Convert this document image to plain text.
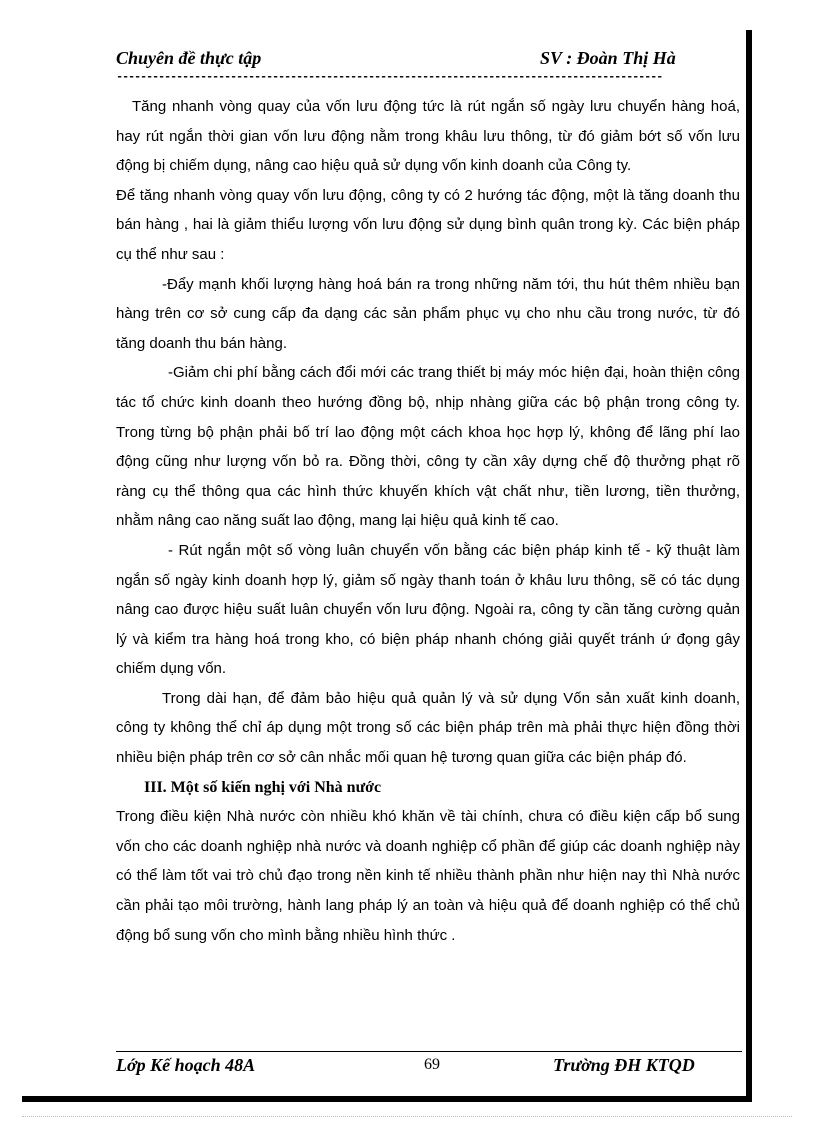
Chuyên đề thực tập	SV : Đoàn Thị Hà
-------------------------------------------------------------------------------------------

Tăng nhanh vòng quay của vốn lưu động tức là rút ngắn số ngày lưu chuyển hàng hoá, hay rút ngắn thời gian vốn lưu động nằm trong khâu lưu thông, từ đó giảm bớt số vốn lưu động bị chiếm dụng, nâng cao hiệu quả sử dụng vốn kinh doanh của Công ty.

Để tăng nhanh vòng quay vốn lưu động, công ty có 2 hướng tác động, một là tăng doanh thu bán hàng , hai là giảm thiểu lượng vốn lưu động sử dụng bình quân trong kỳ. Các biện pháp cụ thể như sau :

-Đẩy mạnh khối lượng hàng hoá bán ra trong những năm tới, thu hút thêm nhiều bạn hàng trên cơ sở cung cấp đa dạng các sản phẩm phục vụ cho nhu cầu trong nước, từ đó tăng doanh thu bán hàng.

-Giảm chi phí bằng cách đổi mới các trang thiết bị máy móc hiện đại, hoàn thiện công tác tổ chức kinh doanh theo hướng đồng bộ, nhịp nhàng giữa các bộ phận trong công ty. Trong từng bộ phận phải bố trí lao động một cách khoa học hợp lý, không để lãng phí lao động cũng như lượng vốn bỏ ra. Đồng thời, công ty cần xây dựng chế độ thưởng phạt rõ ràng cụ thể thông qua các hình thức khuyến khích vật chất như, tiền lương, tiền thưởng, nhằm nâng cao năng suất lao động, mang lại hiệu quả kinh tế cao.

- Rút ngắn một số vòng luân chuyển vốn bằng các biện pháp kinh tế - kỹ thuật làm ngắn số ngày kinh doanh hợp lý, giảm số ngày thanh toán ở khâu lưu thông, sẽ có tác dụng nâng cao được hiệu suất luân chuyển vốn lưu động. Ngoài ra, công ty cần tăng cường quản lý và kiểm tra hàng hoá trong kho, có biện pháp nhanh chóng giải quyết tránh ứ đọng gây chiếm dụng vốn.

Trong dài hạn, để đảm bảo hiệu quả quản lý và sử dụng Vốn sản xuất kinh doanh, công ty không thể chỉ áp dụng một trong số các biện pháp trên mà phải thực hiện đồng thời nhiều biện pháp trên cơ sở cân nhắc mối quan hệ tương quan giữa các biện pháp đó.

III. Một số kiến nghị với Nhà nước

Trong điều kiện Nhà nước còn nhiều khó khăn về tài chính, chưa có điều kiện cấp bổ sung vốn cho các doanh nghiệp nhà nước và doanh nghiệp cổ phần để giúp các doanh nghiệp này có thể làm tốt vai trò chủ đạo trong nền kinh tế nhiều thành phần như hiện nay thì Nhà nước cần phải tạo môi trường, hành lang pháp lý an toàn và hiệu quả để doanh nghiệp có thể chủ động bổ sung vốn cho mình bằng nhiều hình thức .

Lớp Kế hoạch 48A	69	Trường ĐH KTQD
